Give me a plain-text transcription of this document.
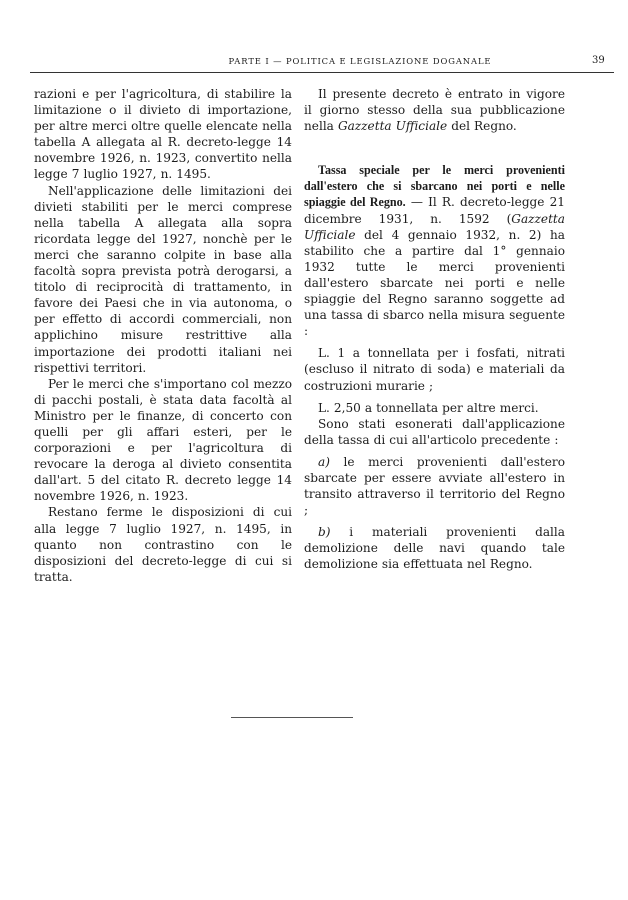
PARTE I — POLITICA E LEGISLAZIONE DOGANALE	39

razioni e per l'agricoltura, di stabilire la limitazione o il divieto di importazione, per altre merci oltre quelle elencate nella tabella A allegata al R. decreto-legge 14 novembre 1926, n. 1923, convertito nella legge 7 luglio 1927, n. 1495.

Nell'applicazione delle limitazioni dei divieti stabiliti per le merci comprese nella tabella A allegata alla sopra ricordata legge del 1927, nonchè per le merci che saranno colpite in base alla facoltà sopra prevista potrà derogarsi, a titolo di reciprocità di trattamento, in favore dei Paesi che in via autonoma, o per effetto di accordi commerciali, non applichino misure restrittive alla importazione dei prodotti italiani nei rispettivi territori.

Per le merci che s'importano col mezzo di pacchi postali, è stata data facoltà al Ministro per le finanze, di concerto con quelli per gli affari esteri, per le corporazioni e per l'agricoltura di revocare la deroga al divieto consentita dall'art. 5 del citato R. decreto legge 14 novembre 1926, n. 1923.

Restano ferme le disposizioni di cui alla legge 7 luglio 1927, n. 1495, in quanto non contrastino con le disposizioni del decreto-legge di cui si tratta.

Il presente decreto è entrato in vigore il giorno stesso della sua pubblicazione nella Gazzetta Ufficiale del Regno.

Tassa speciale per le merci provenienti dall'estero che si sbarcano nei porti e nelle spiaggie del Regno. — Il R. decreto-legge 21 dicembre 1931, n. 1592 (Gazzetta Ufficiale del 4 gennaio 1932, n. 2) ha stabilito che a partire dal 1° gennaio 1932 tutte le merci provenienti dall'estero sbarcate nei porti e nelle spiaggie del Regno saranno soggette ad una tassa di sbarco nella misura seguente :

L. 1 a tonnellata per i fosfati, nitrati (escluso il nitrato di soda) e materiali da costruzioni murarie ;

L. 2,50 a tonnellata per altre merci.

Sono stati esonerati dall'applicazione della tassa di cui all'articolo precedente :

a) le merci provenienti dall'estero sbarcate per essere avviate all'estero in transito attraverso il territorio del Regno ;

b) i materiali provenienti dalla demolizione delle navi quando tale demolizione sia effettuata nel Regno.
